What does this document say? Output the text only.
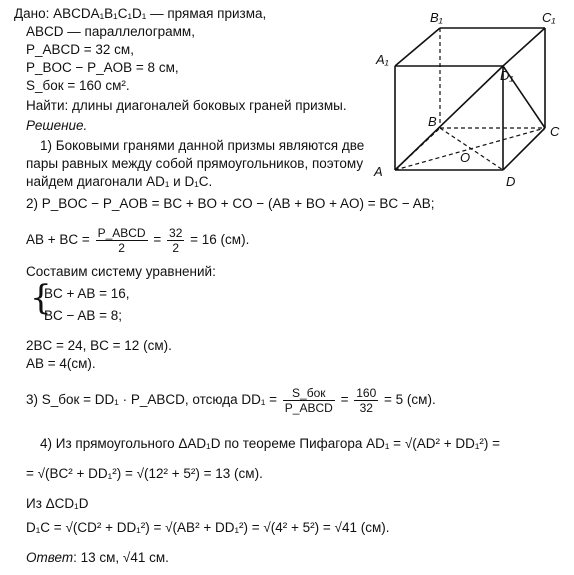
Дано: ABCDA₁B₁C₁D₁ — прямая призма,
ABCD — параллелограмм,
P_ABCD = 32 см,
P_BOC − P_AOB = 8 см,
S_бок = 160 см².
Найти: длины диагоналей боковых граней призмы.
Решение.
1) Боковыми гранями данной призмы являются две
пары равных между собой прямоугольников, поэтому
найдем диагонали AD₁ и D₁C.
2) P_BOC − P_AOB = BC + BO + CO − (AB + BO + AO) = BC − AB;
AB + BC = $\frac{\text{P\_ABCD}}{2} = \frac{32}{2} = 16$ (см).
Составим систему уравнений:
{
BC + AB = 16,
BC − AB = 8;
2BC = 24, BC = 12 (см).
AB = 4(см).
3) S_бок = DD₁ · P_ABCD, отсюда $DD_1 = \frac{\text{S\_бок}}{\text{P\_ABCD}} = \frac{160}{32} = 5$ (см).
4) Из прямоугольного ΔAD₁D по теореме Пифагора AD₁ = √(AD² + DD₁²) =
= √(BC² + DD₁²) = √(12² + 5²) = 13 (см).
Из ΔCD₁D
D₁C = √(CD² + DD₁²) = √(AB² + DD₁²) = √(4² + 5²) = √41 (см).
Ответ: 13 см, √41 см.
A
B
C
D
A₁
B₁	C₁
D₁
O
